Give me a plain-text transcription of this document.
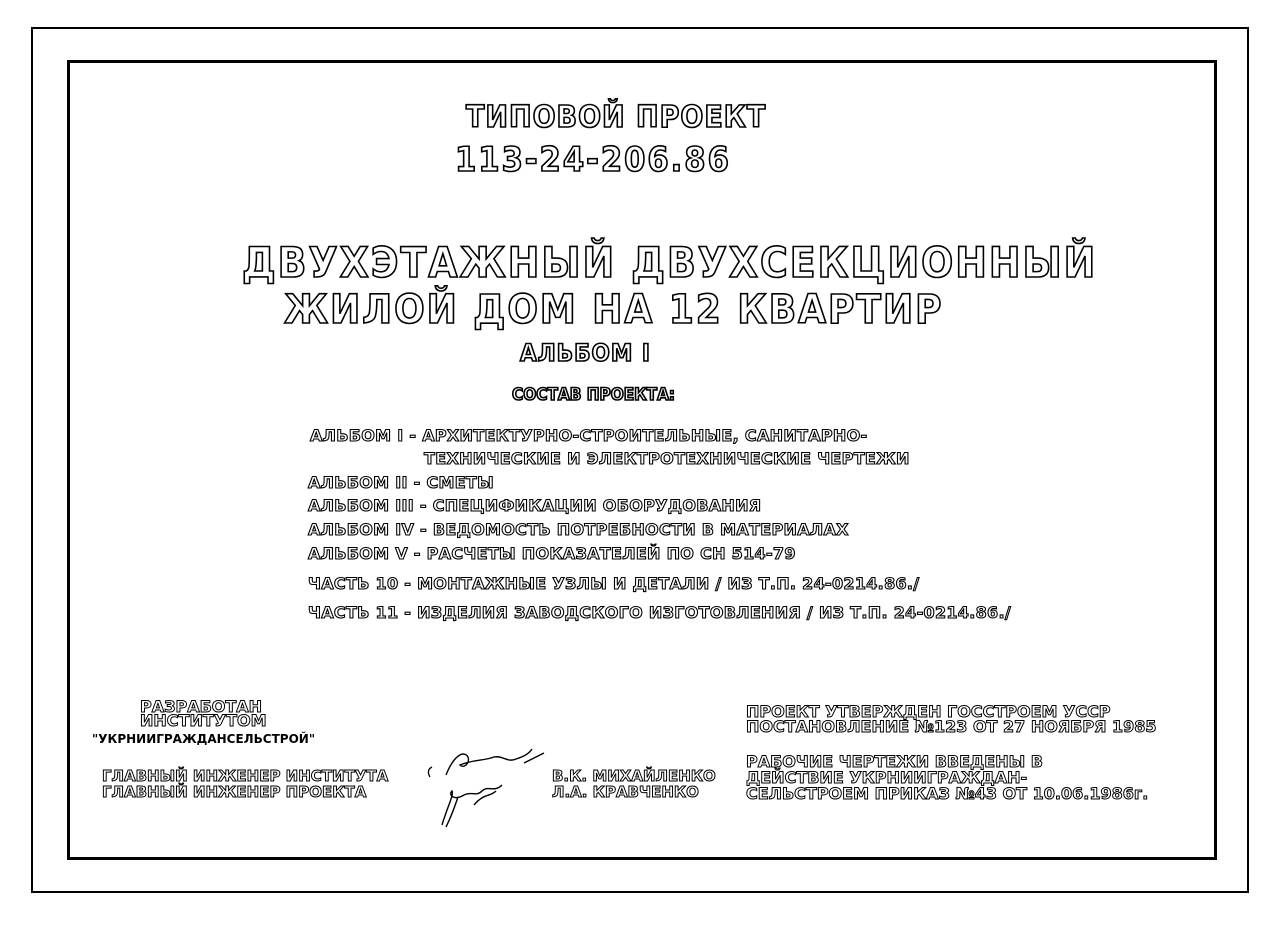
ТИПОВОЙ ПРОЕКТ
113-24-206.86
ДВУХЭТАЖНЫЙ ДВУХСЕКЦИОННЫЙ
ЖИЛОЙ ДОМ НА 12 КВАРТИР
АЛЬБОМ I
СОСТАВ ПРОЕКТА:
АЛЬБОМ I - АРХИТЕКТУРНО-СТРОИТЕЛЬНЫЕ, САНИТАРНО-
ТЕХНИЧЕСКИЕ И ЭЛЕКТРОТЕХНИЧЕСКИЕ ЧЕРТЕЖИ
АЛЬБОМ II - СМЕТЫ
АЛЬБОМ III - СПЕЦИФИКАЦИИ ОБОРУДОВАНИЯ
АЛЬБОМ IV - ВЕДОМОСТЬ ПОТРЕБНОСТИ В МАТЕРИАЛАХ
АЛЬБОМ V - РАСЧЕТЫ ПОКАЗАТЕЛЕЙ ПО СН 514-79
ЧАСТЬ 10 - МОНТАЖНЫЕ УЗЛЫ И ДЕТАЛИ / ИЗ Т.П. 24-0214.86./
ЧАСТЬ 11 - ИЗДЕЛИЯ ЗАВОДСКОГО ИЗГОТОВЛЕНИЯ / ИЗ Т.П. 24-0214.86./
РАЗРАБОТАН
ИНСТИТУТОМ
"УКРНИИГРАЖДАНСЕЛЬСТРОЙ"
ГЛАВНЫЙ ИНЖЕНЕР ИНСТИТУТА
ГЛАВНЫЙ ИНЖЕНЕР ПРОЕКТА
В.К. МИХАЙЛЕНКО
Л.А. КРАВЧЕНКО
ПРОЕКТ УТВЕРЖДЕН ГОССТРОЕМ УССР
ПОСТАНОВЛЕНИЕ №123 ОТ 27 НОЯБРЯ 1985
РАБОЧИЕ ЧЕРТЕЖИ ВВЕДЕНЫ В
ДЕЙСТВИЕ УКРНИИГРАЖДАН-
СЕЛЬСТРОЕМ ПРИКАЗ №43 ОТ 10.06.1986г.
